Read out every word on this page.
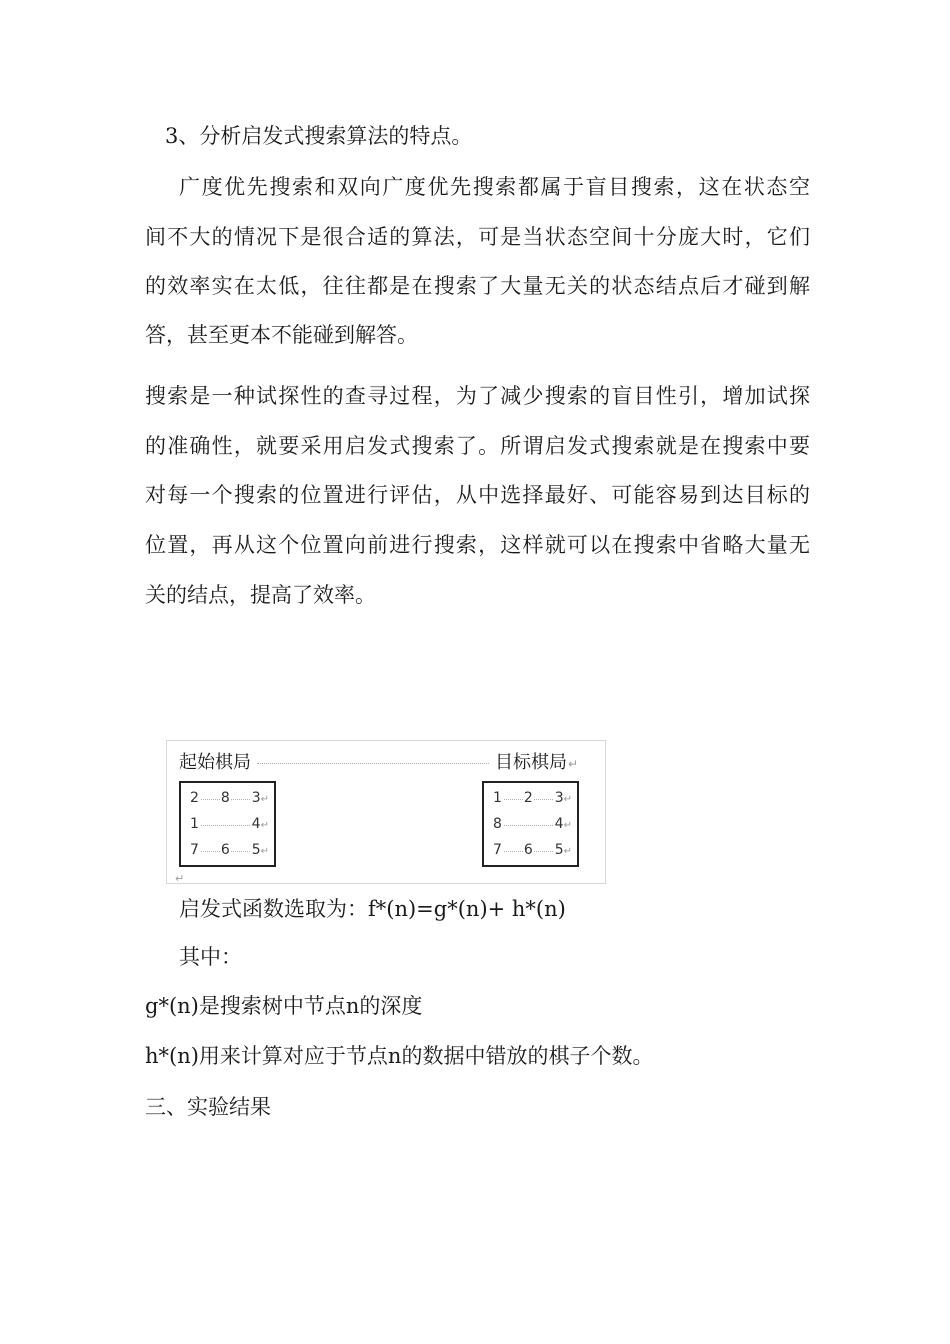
3、分析启发式搜索算法的特点。

广度优先搜索和双向广度优先搜索都属于盲目搜索，这在状态空

间不大的情况下是很合适的算法，可是当状态空间十分庞大时，它们

的效率实在太低，往往都是在搜索了大量无关的状态结点后才碰到解

答，甚至更本不能碰到解答。

搜索是一种试探性的查寻过程，为了减少搜索的盲目性引，增加试探

的准确性，就要采用启发式搜索了。所谓启发式搜索就是在搜索中要

对每一个搜索的位置进行评估，从中选择最好、可能容易到达目标的

位置，再从这个位置向前进行搜索，这样就可以在搜索中省略大量无

关的结点，提高了效率。

起始棋局	目标棋局↵
2 8 3 ↵
1	4 ↵
7 6 5 ↵
1 2 3 ↵
8	4 ↵
7 6 5 ↵
↵

启发式函数选取为：f*(n)=g*(n)+ h*(n)

其中：

g*(n)是搜索树中节点n的深度

h*(n)用来计算对应于节点n的数据中错放的棋子个数。

三、实验结果
